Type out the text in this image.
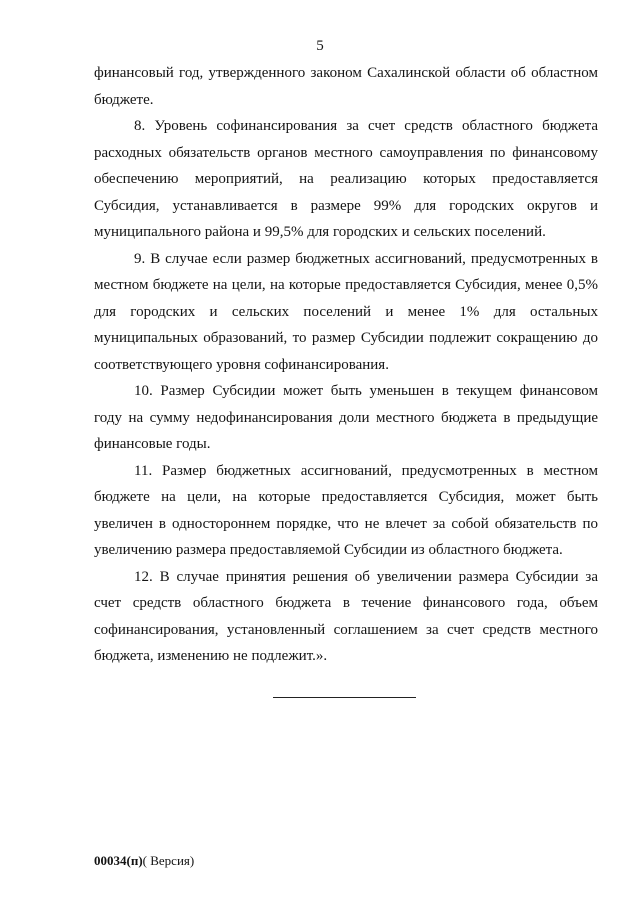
5

финансовый год, утвержденного законом Сахалинской области об областном бюджете.

8. Уровень софинансирования за счет средств областного бюджета расходных обязательств органов местного самоуправления по финансовому обеспечению мероприятий, на реализацию которых предоставляется Субсидия, устанавливается в размере 99% для городских округов и муниципального района и 99,5% для городских и сельских поселений.

9. В случае если размер бюджетных ассигнований, предусмотренных в местном бюджете на цели, на которые предоставляется Субсидия, менее 0,5% для городских и сельских поселений и менее 1% для остальных муниципальных образований, то размер Субсидии подлежит сокращению до соответствующего уровня софинансирования.

10. Размер Субсидии может быть уменьшен в текущем финансовом году на сумму недофинансирования доли местного бюджета в предыдущие финансовые годы.

11. Размер бюджетных ассигнований, предусмотренных в местном бюджете на цели, на которые предоставляется Субсидия, может быть увеличен в одностороннем порядке, что не влечет за собой обязательств по увеличению размера предоставляемой Субсидии из областного бюджета.

12. В случае принятия решения об увеличении размера Субсидии за счет средств областного бюджета в течение финансового года, объем софинансирования, установленный соглашением за счет средств местного бюджета, изменению не подлежит.».

00034(п)( Версия)
